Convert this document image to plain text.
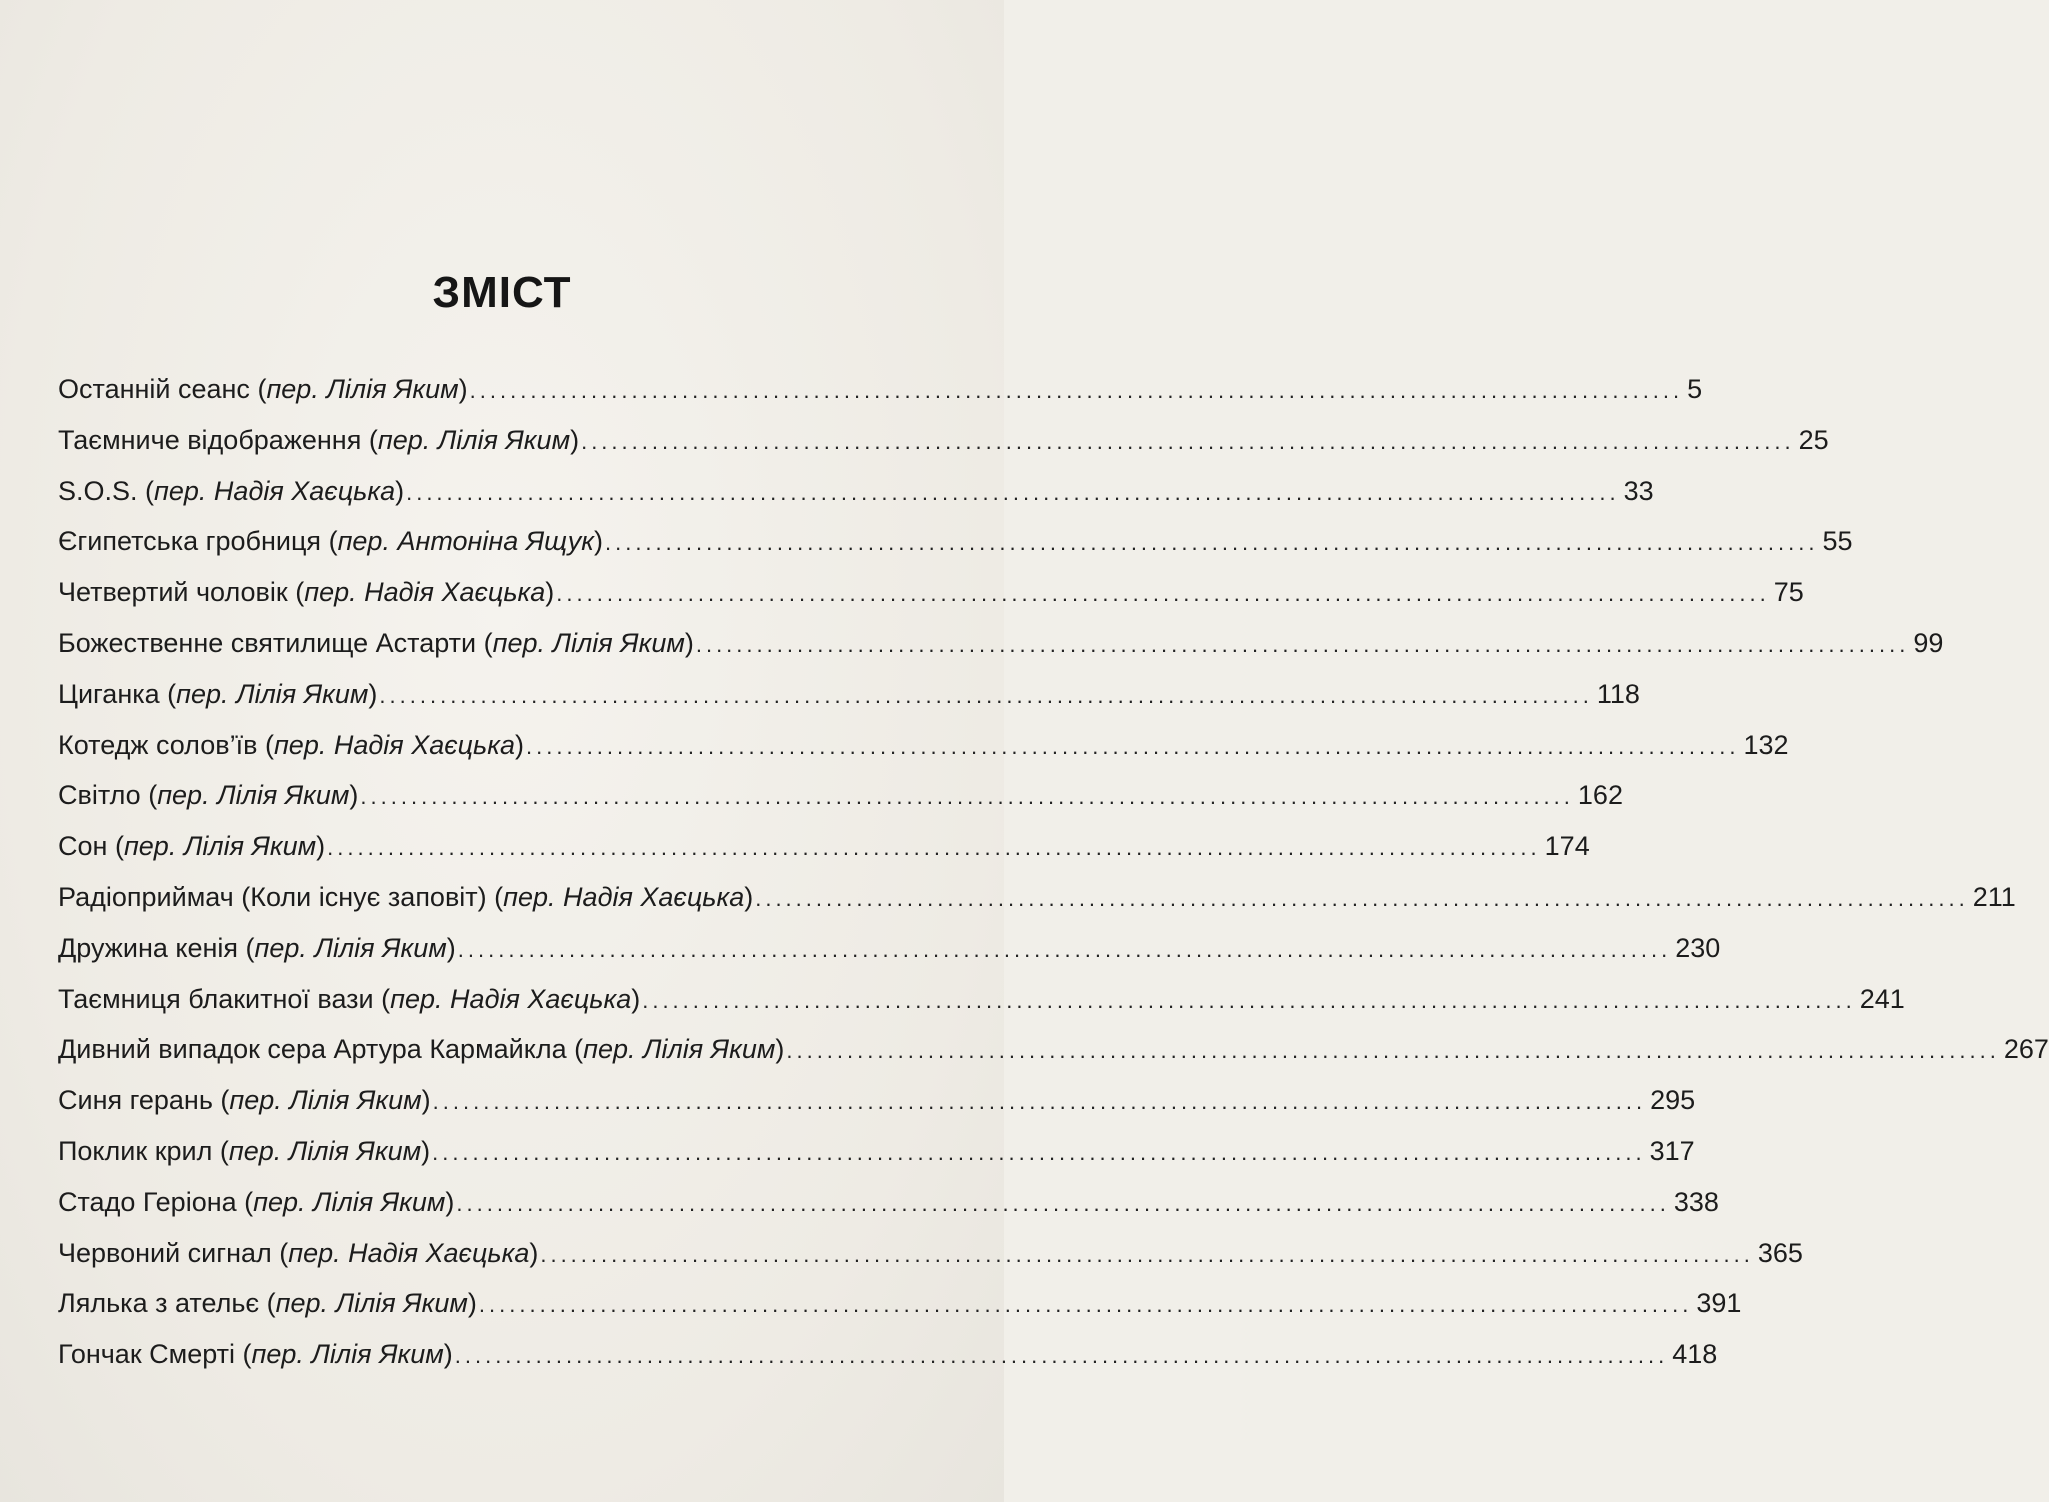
ЗМІСТ
Останній сеанс ( пер. Лілія Яким ) ........................................................................................................................ 5
Таємниче відображення ( пер. Лілія Яким ) ........................................................................................................................ 25
S.O.S. ( пер. Надія Хаєцька ) ........................................................................................................................ 33
Єгипетська гробниця ( пер. Антоніна Ящук ) ........................................................................................................................ 55
Четвертий чоловік ( пер. Надія Хаєцька ) ........................................................................................................................ 75
Божественне святилище Астарти ( пер. Лілія Яким ) ........................................................................................................................ 99
Циганка ( пер. Лілія Яким ) ........................................................................................................................ 118
Котедж солов’їв ( пер. Надія Хаєцька ) ........................................................................................................................ 132
Світло ( пер. Лілія Яким ) ........................................................................................................................ 162
Сон ( пер. Лілія Яким ) ........................................................................................................................ 174
Радіоприймач (Коли існує заповіт) ( пер. Надія Хаєцька ) ........................................................................................................................ 211
Дружина кенія ( пер. Лілія Яким ) ........................................................................................................................ 230
Таємниця блакитної вази ( пер. Надія Хаєцька ) ........................................................................................................................ 241
Дивний випадок сера Артура Кармайкла ( пер. Лілія Яким ) ........................................................................................................................ 267
Синя герань ( пер. Лілія Яким ) ........................................................................................................................ 295
Поклик крил ( пер. Лілія Яким ) ........................................................................................................................ 317
Стадо Геріона ( пер. Лілія Яким ) ........................................................................................................................ 338
Червоний сигнал ( пер. Надія Хаєцька ) ........................................................................................................................ 365
Лялька з ательє ( пер. Лілія Яким ) ........................................................................................................................ 391
Гончак Смерті ( пер. Лілія Яким ) ........................................................................................................................ 418
